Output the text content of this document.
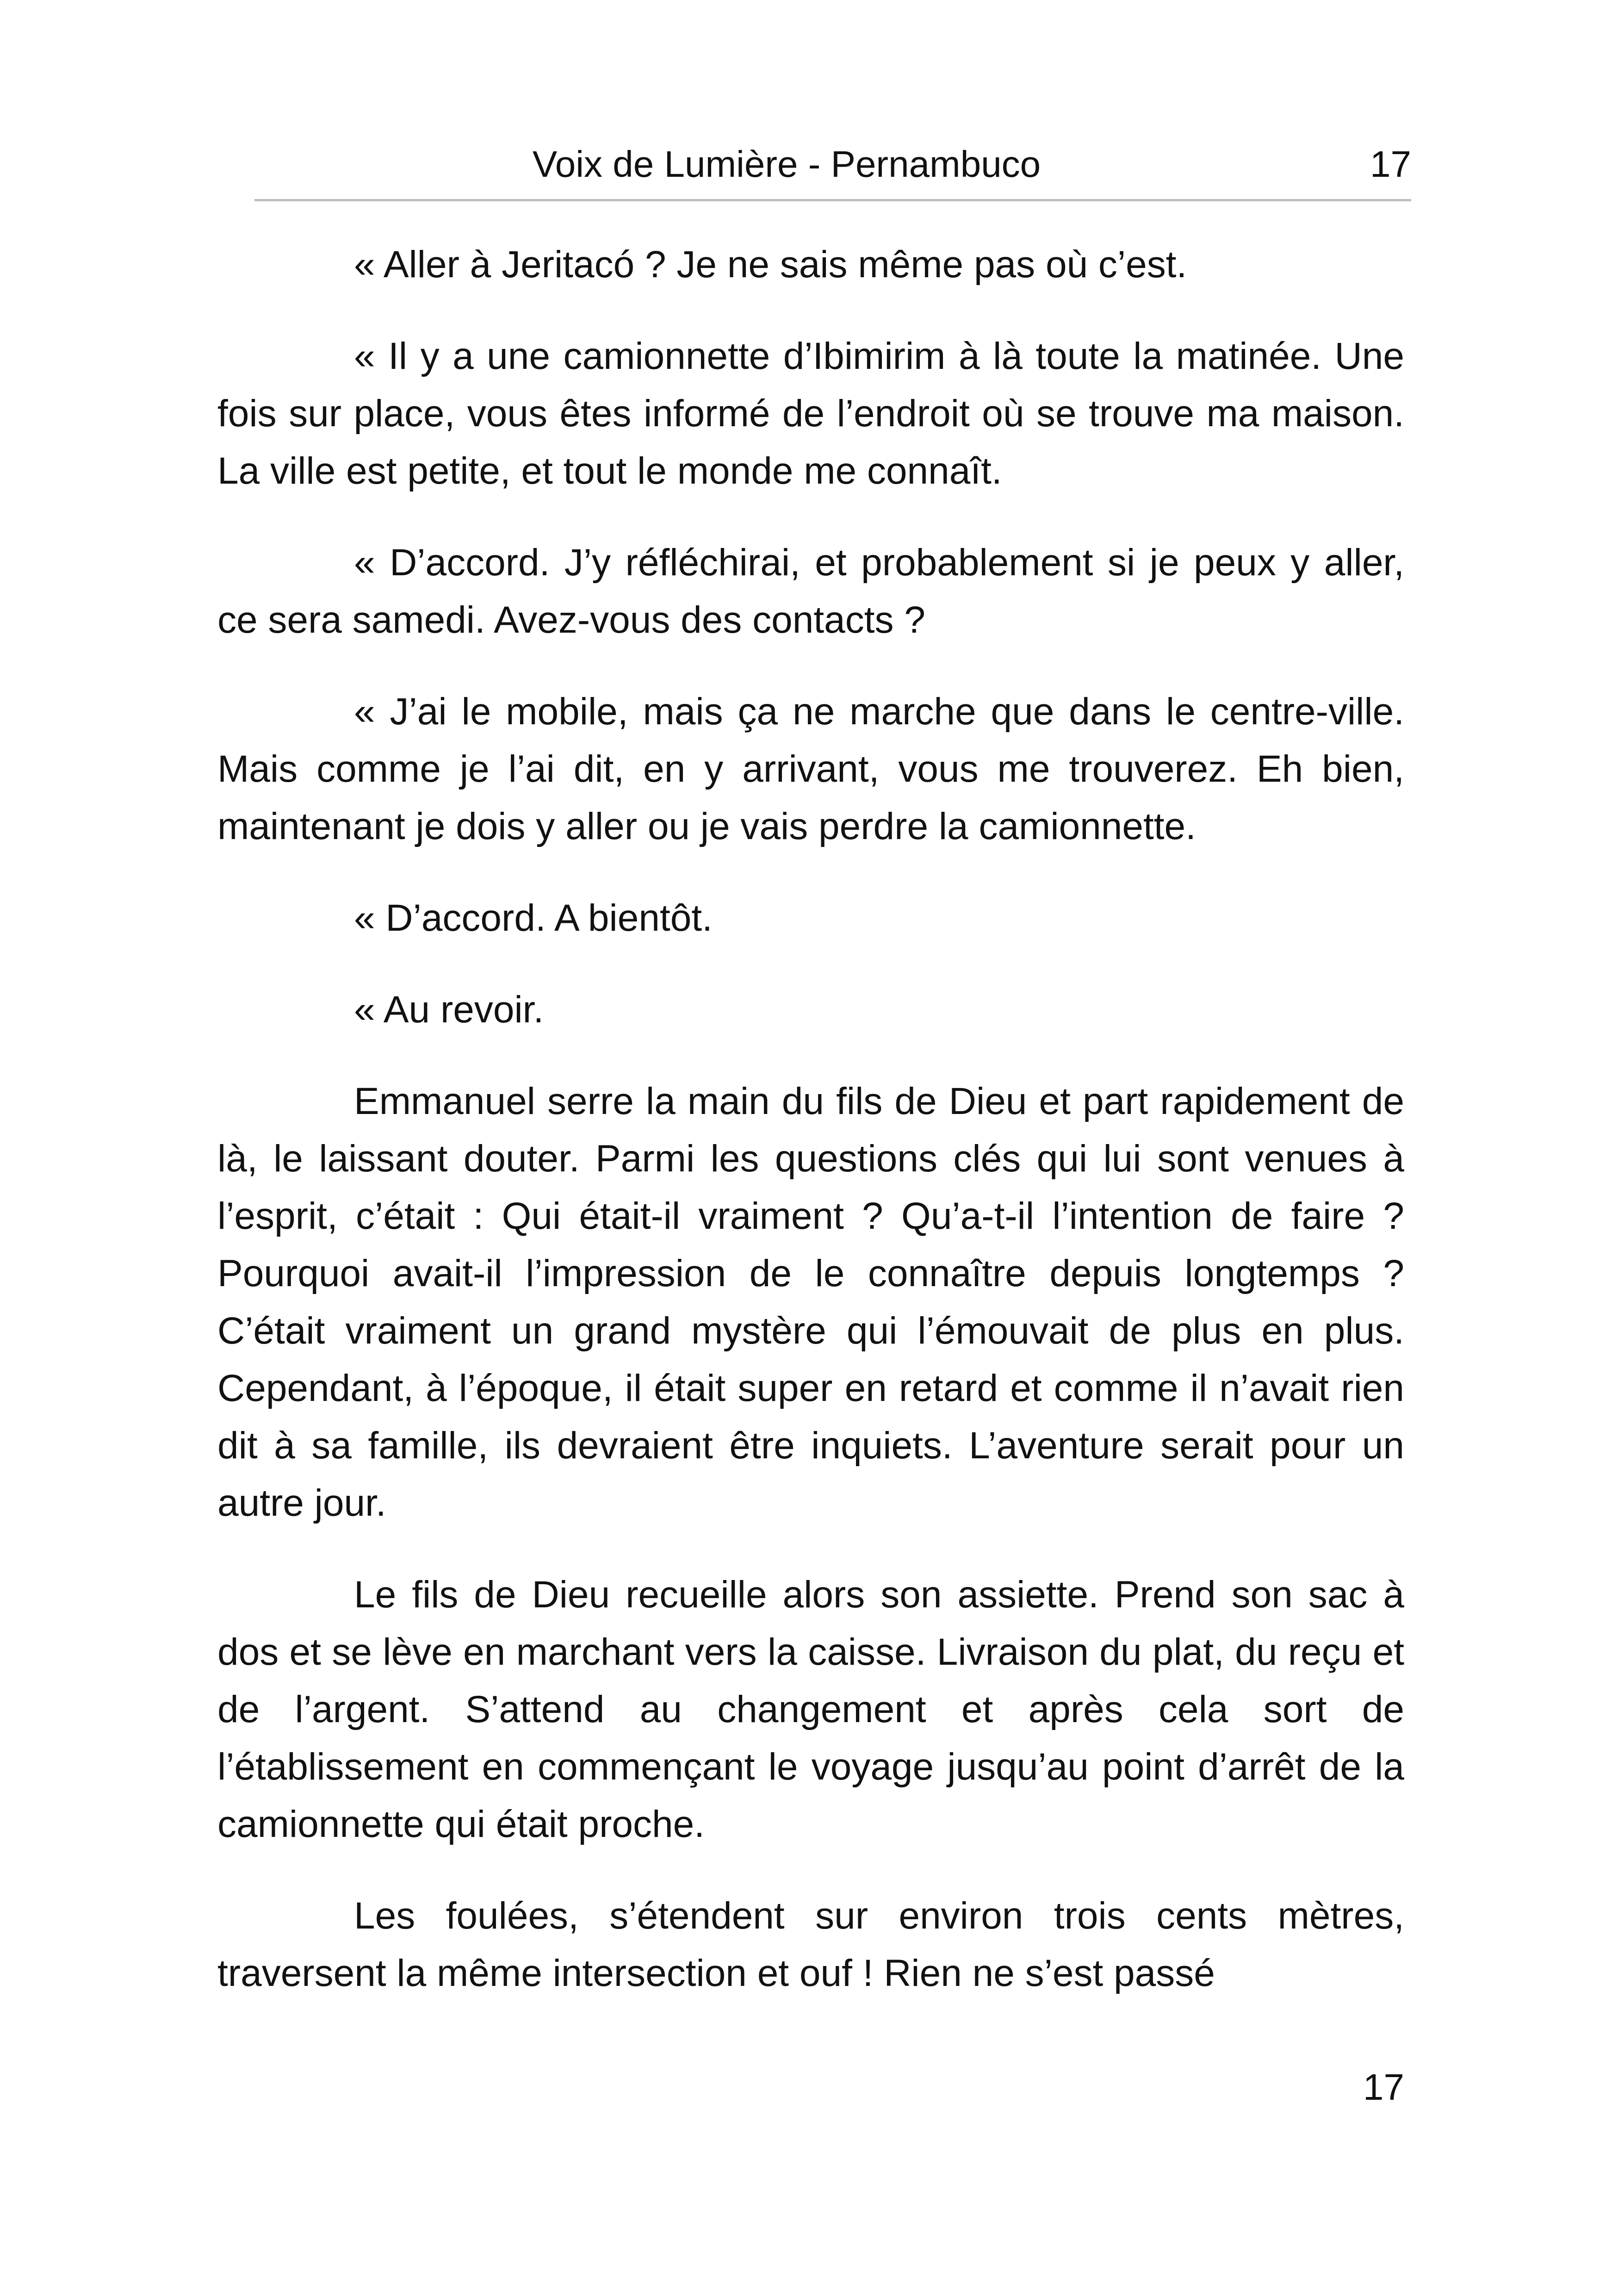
Voix de Lumière - Pernambuco	17

« Aller à Jeritacó ? Je ne sais même pas où c’est.

« Il y a une camionnette d’Ibimirim à là toute la matinée. Une fois sur place, vous êtes informé de l’endroit où se trouve ma maison. La ville est petite, et tout le monde me connaît.

« D’accord. J’y réfléchirai, et probablement si je peux y aller, ce sera samedi. Avez-vous des contacts ?

« J’ai le mobile, mais ça ne marche que dans le centre-ville. Mais comme je l’ai dit, en y arrivant, vous me trouverez. Eh bien, maintenant je dois y aller ou je vais perdre la camionnette.

« D’accord. A bientôt.

« Au revoir.

Emmanuel serre la main du fils de Dieu et part rapidement de là, le laissant douter. Parmi les questions clés qui lui sont venues à l’esprit, c’était : Qui était-il vraiment ? Qu’a-t-il l’intention de faire ? Pourquoi avait-il l’impression de le connaître depuis longtemps ? C’était vraiment un grand mystère qui l’émouvait de plus en plus. Cependant, à l’époque, il était super en retard et comme il n’avait rien dit à sa famille, ils devraient être inquiets. L’aventure serait pour un autre jour.

Le fils de Dieu recueille alors son assiette. Prend son sac à dos et se lève en marchant vers la caisse. Livraison du plat, du reçu et de l’argent. S’attend au changement et après cela sort de l’établissement en commençant le voyage jusqu’au point d’arrêt de la camionnette qui était proche.

Les foulées, s’étendent sur environ trois cents mètres, traversent la même intersection et ouf ! Rien ne s’est passé

17
